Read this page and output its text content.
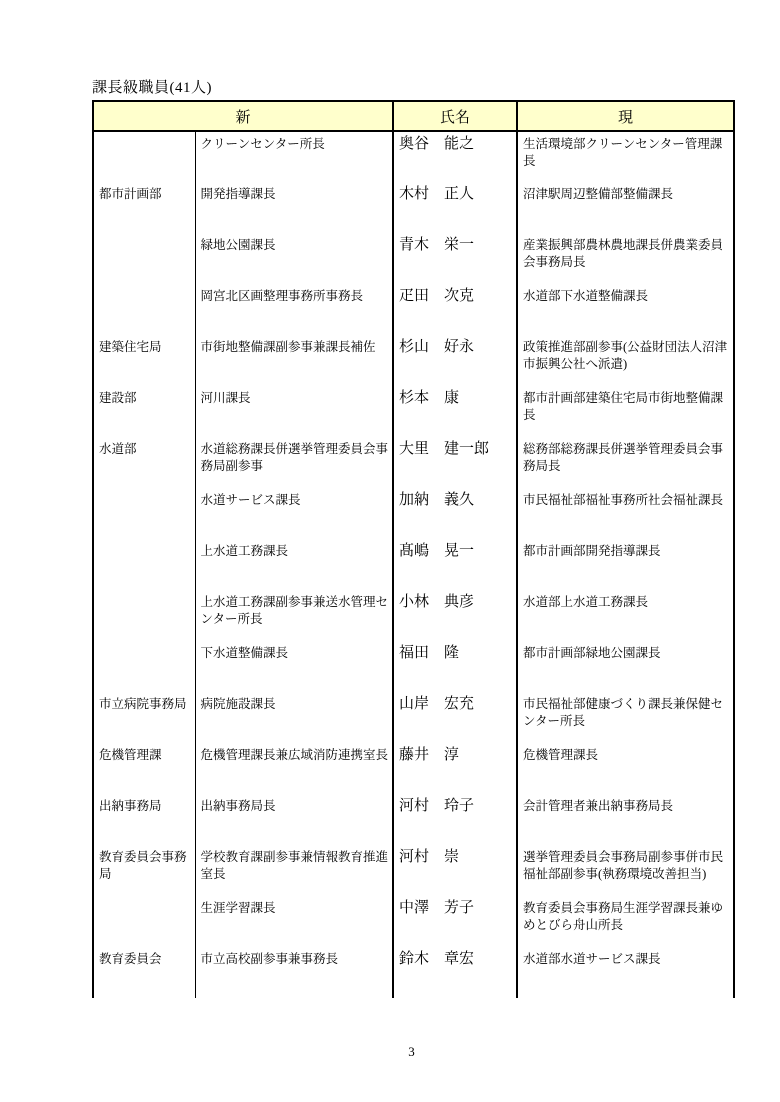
課長級職員(41人)
新		氏名	現
	クリーンセンター所長	奥谷　能之	生活環境部クリーンセンター管理課長
都市計画部	開発指導課長	木村　正人	沼津駅周辺整備部整備課長
	緑地公園課長	青木　栄一	産業振興部農林農地課長併農業委員会事務局長
	岡宮北区画整理事務所事務長	疋田　次克	水道部下水道整備課長
建築住宅局	市街地整備課副参事兼課長補佐	杉山　好永	政策推進部副参事(公益財団法人沼津市振興公社へ派遣)
建設部	河川課長	杉本　康	都市計画部建築住宅局市街地整備課長
水道部	水道総務課長併選挙管理委員会事務局副参事	大里　建一郎	総務部総務課長併選挙管理委員会事務局長
	水道サービス課長	加納　義久	市民福祉部福祉事務所社会福祉課長
	上水道工務課長	髙嶋　晃一	都市計画部開発指導課長
	上水道工務課副参事兼送水管理センター所長	小林　典彦	水道部上水道工務課長
	下水道整備課長	福田　隆	都市計画部緑地公園課長
市立病院事務局	病院施設課長	山岸　宏充	市民福祉部健康づくり課長兼保健センター所長
危機管理課	危機管理課長兼広域消防連携室長	藤井　淳	危機管理課長
出納事務局	出納事務局長	河村　玲子	会計管理者兼出納事務局長
教育委員会事務局	学校教育課副参事兼情報教育推進室長	河村　崇	選挙管理委員会事務局副参事併市民福祉部副参事(執務環境改善担当)
	生涯学習課長	中澤　芳子	教育委員会事務局生涯学習課長兼ゆめとびら舟山所長
教育委員会	市立高校副参事兼事務長	鈴木　章宏	水道部水道サービス課長
3
